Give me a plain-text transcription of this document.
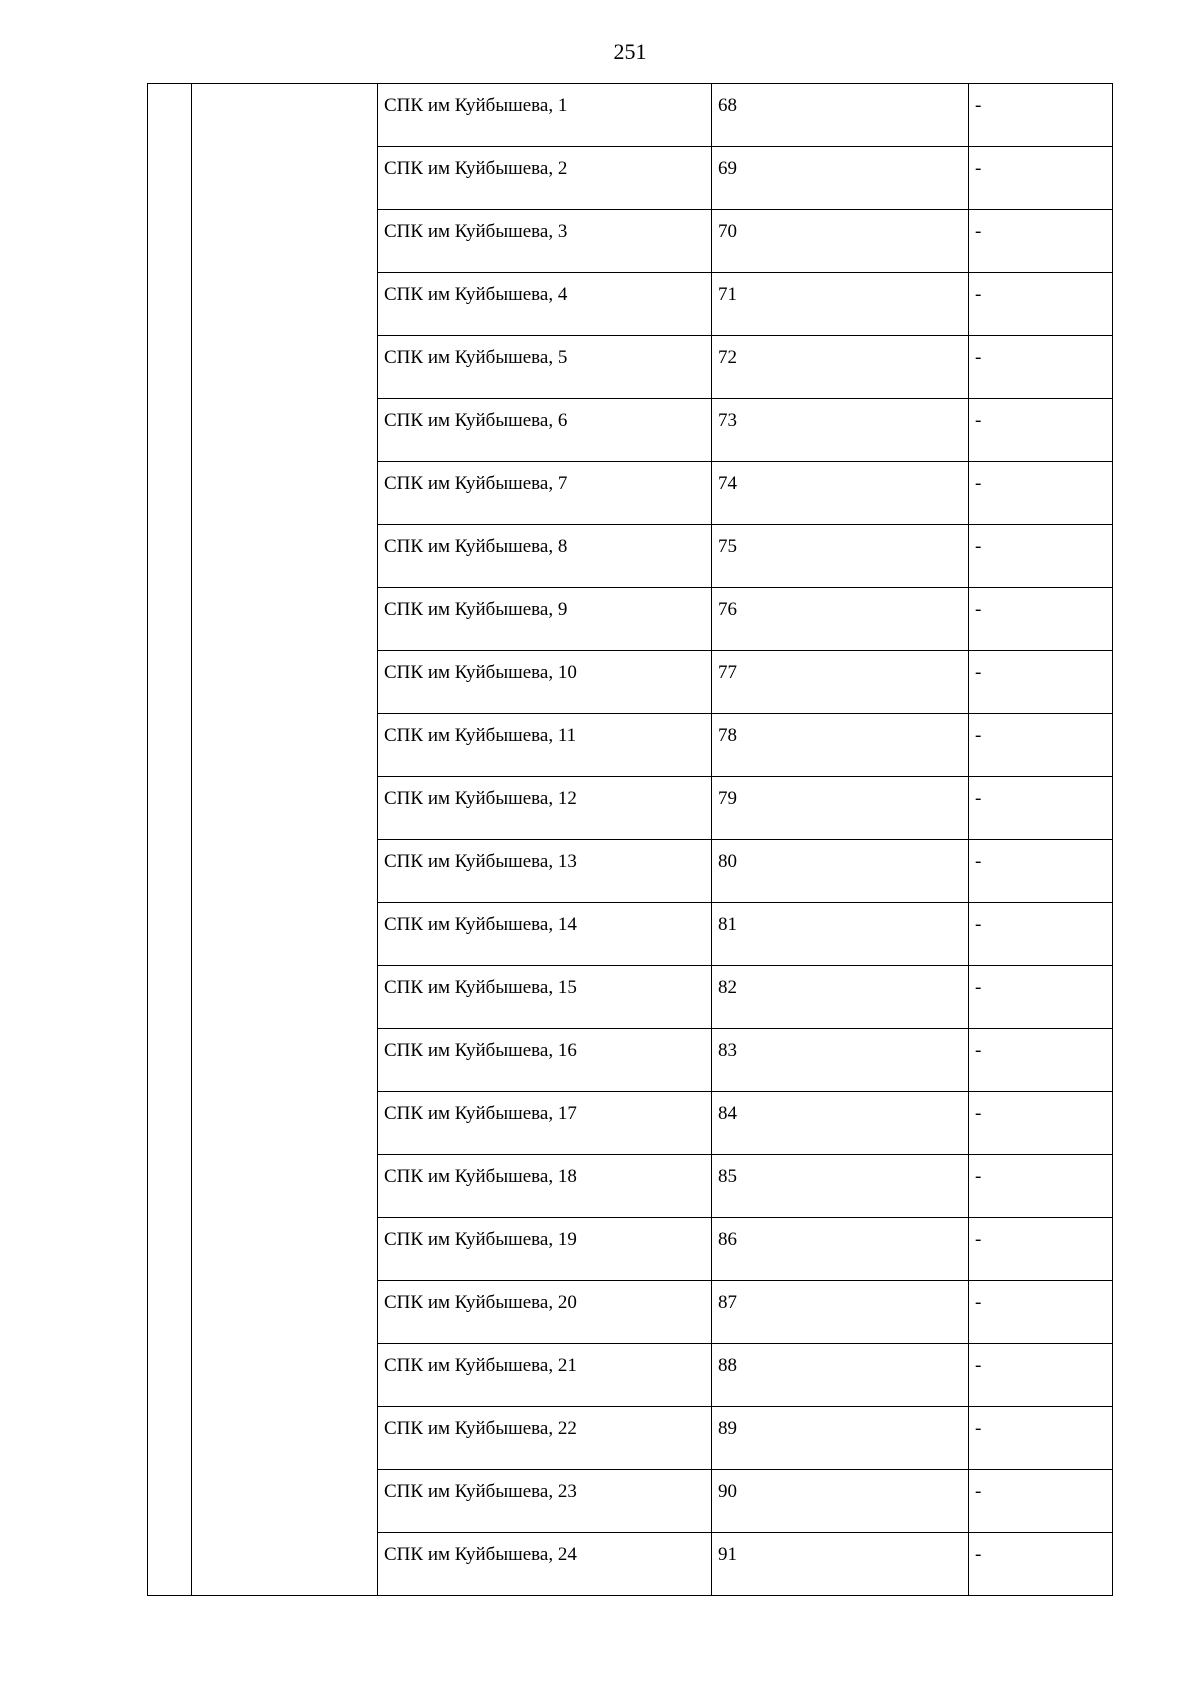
251
		СПК им Куйбышева, 1	68	-
		СПК им Куйбышева, 2	69	-
		СПК им Куйбышева, 3	70	-
		СПК им Куйбышева, 4	71	-
		СПК им Куйбышева, 5	72	-
		СПК им Куйбышева, 6	73	-
		СПК им Куйбышева, 7	74	-
		СПК им Куйбышева, 8	75	-
		СПК им Куйбышева, 9	76	-
		СПК им Куйбышева, 10	77	-
		СПК им Куйбышева, 11	78	-
		СПК им Куйбышева, 12	79	-
		СПК им Куйбышева, 13	80	-
		СПК им Куйбышева, 14	81	-
		СПК им Куйбышева, 15	82	-
		СПК им Куйбышева, 16	83	-
		СПК им Куйбышева, 17	84	-
		СПК им Куйбышева, 18	85	-
		СПК им Куйбышева, 19	86	-
		СПК им Куйбышева, 20	87	-
		СПК им Куйбышева, 21	88	-
		СПК им Куйбышева, 22	89	-
		СПК им Куйбышева, 23	90	-
		СПК им Куйбышева, 24	91	-
